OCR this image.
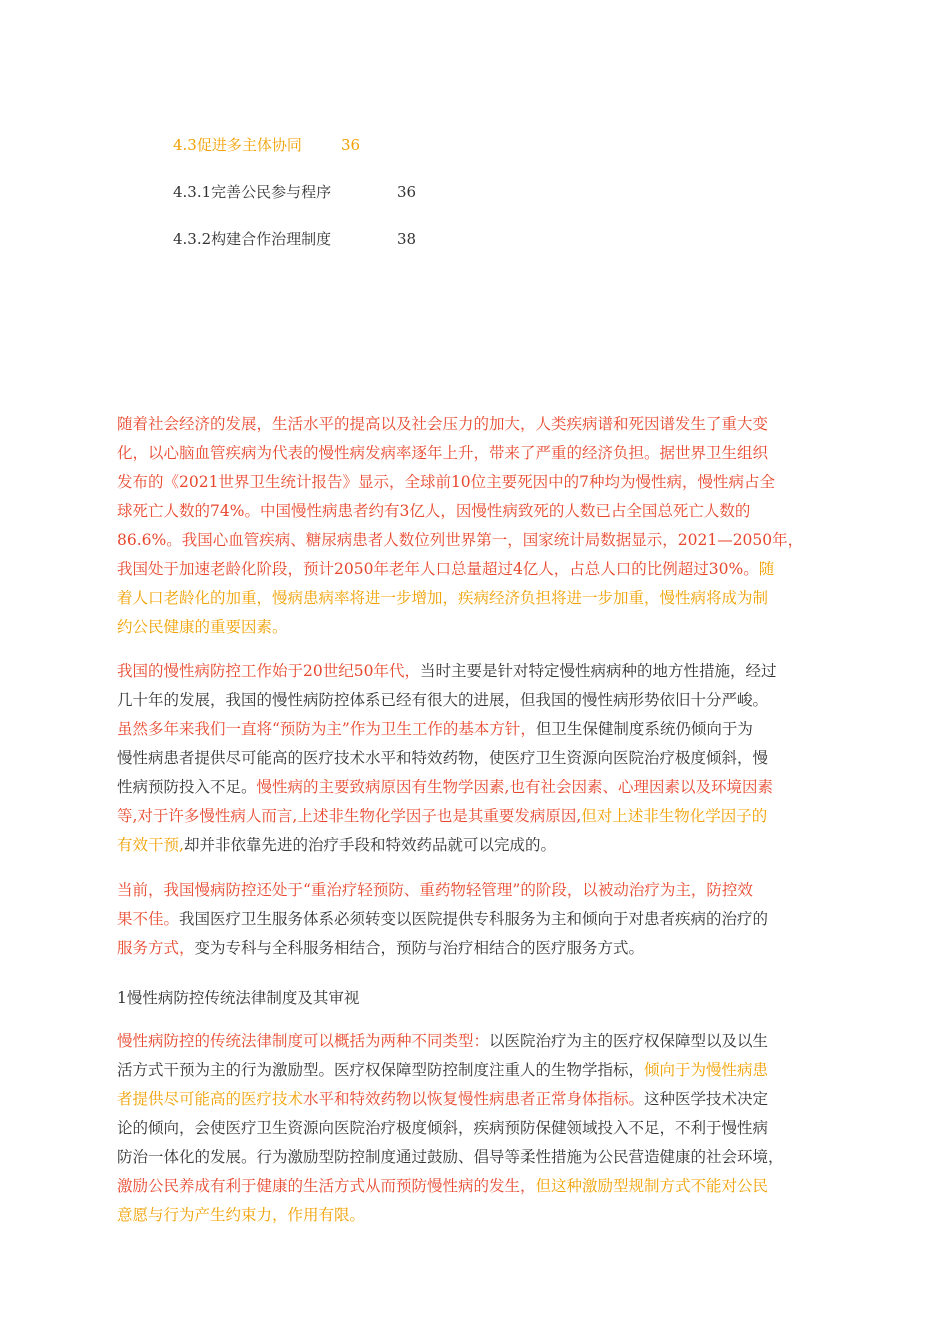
4.3促进多主体协同	36
4.3.1完善公民参与程序	36
4.3.2构建合作治理制度	38
随着社会经济的发展，生活水平的提高以及社会压力的加大，人类疾病谱和死因谱发生了重大变
化，以心脑血管疾病为代表的慢性病发病率逐年上升，带来了严重的经济负担。据世界卫生组织
发布的《2021世界卫生统计报告》显示，全球前10位主要死因中的7种均为慢性病，慢性病占全
球死亡人数的74%。中国慢性病患者约有3亿人，因慢性病致死的人数已占全国总死亡人数的
86.6%。我国心血管疾病、糖尿病患者人数位列世界第一，国家统计局数据显示，2021—2050年，
我国处于加速老龄化阶段，预计2050年老年人口总量超过4亿人，占总人口的比例超过30%。随
着人口老龄化的加重，慢病患病率将进一步增加，疾病经济负担将进一步加重，慢性病将成为制
约公民健康的重要因素。
我国的慢性病防控工作始于20世纪50年代，当时主要是针对特定慢性病病种的地方性措施，经过
几十年的发展，我国的慢性病防控体系已经有很大的进展，但我国的慢性病形势依旧十分严峻。
虽然多年来我们一直将“预防为主”作为卫生工作的基本方针，但卫生保健制度系统仍倾向于为
慢性病患者提供尽可能高的医疗技术水平和特效药物，使医疗卫生资源向医院治疗极度倾斜，慢
性病预防投入不足。慢性病的主要致病原因有生物学因素,也有社会因素、心理因素以及环境因素
等,对于许多慢性病人而言,上述非生物化学因子也是其重要发病原因,但对上述非生物化学因子的
有效干预,却并非依靠先进的治疗手段和特效药品就可以完成的。
当前，我国慢病防控还处于“重治疗轻预防、重药物轻管理”的阶段，以被动治疗为主，防控效
果不佳。我国医疗卫生服务体系必须转变以医院提供专科服务为主和倾向于对患者疾病的治疗的
服务方式，变为专科与全科服务相结合，预防与治疗相结合的医疗服务方式。
1慢性病防控传统法律制度及其审视
慢性病防控的传统法律制度可以概括为两种不同类型：以医院治疗为主的医疗权保障型以及以生
活方式干预为主的行为激励型。医疗权保障型防控制度注重人的生物学指标，倾向于为慢性病患
者提供尽可能高的医疗技术水平和特效药物以恢复慢性病患者正常身体指标。这种医学技术决定
论的倾向，会使医疗卫生资源向医院治疗极度倾斜，疾病预防保健领域投入不足，不利于慢性病
防治一体化的发展。行为激励型防控制度通过鼓励、倡导等柔性措施为公民营造健康的社会环境，
激励公民养成有利于健康的生活方式从而预防慢性病的发生，但这种激励型规制方式不能对公民
意愿与行为产生约束力，作用有限。
